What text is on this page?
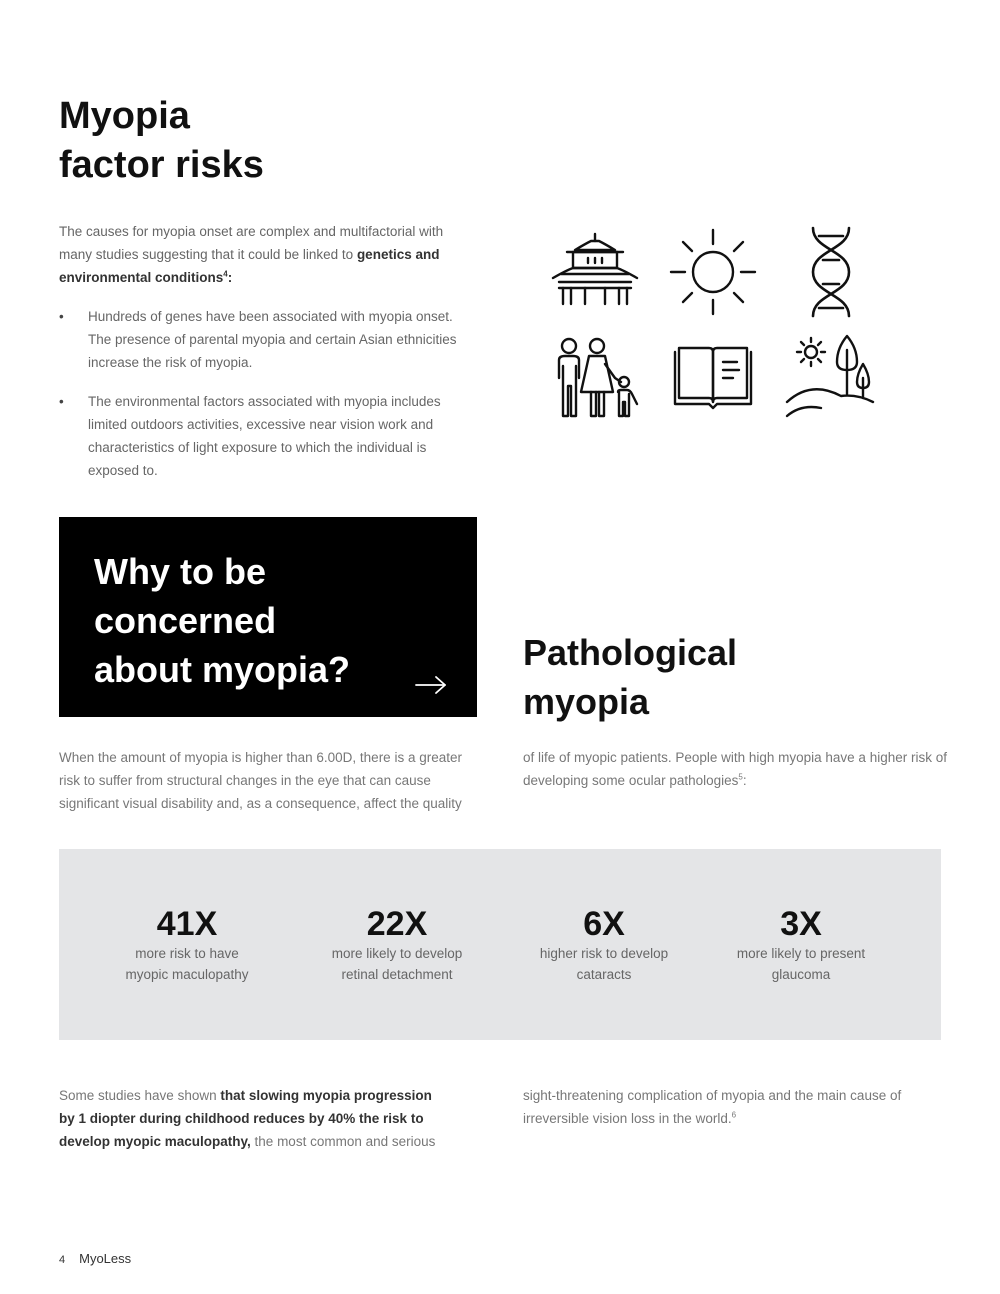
Myopia
factor risks

The causes for myopia onset are complex and multifactorial with many studies suggesting that it could be linked to genetics and environmental conditions$^4$:

• Hundreds of genes have been associated with myopia onset. The presence of parental myopia and certain Asian ethnicities increase the risk of myopia.
• The environmental factors associated with myopia includes limited outdoors activities, excessive near vision work and characteristics of light exposure to which the individual is exposed to.
Why to be
concerned
about myopia?	Pathological
myopia

When the amount of myopia is higher than 6.00D, there is a greater risk to suffer from structural changes in the eye that can cause significant visual disability and, as a consequence, affect the quality

of life of myopic patients. People with high myopia have a higher risk of developing some ocular pathologies$^5$:

41X
more risk to have
myopic maculopathy
22X
more likely to develop
retinal detachment
6X
higher risk to develop
cataracts
3X
more likely to present
glaucoma

Some studies have shown that slowing myopia progression by 1 diopter during childhood reduces by 40% the risk to develop myopic maculopathy, the most common and serious

sight-threatening complication of myopia and the main cause of irreversible vision loss in the world.$^6$

4 MyoLess
